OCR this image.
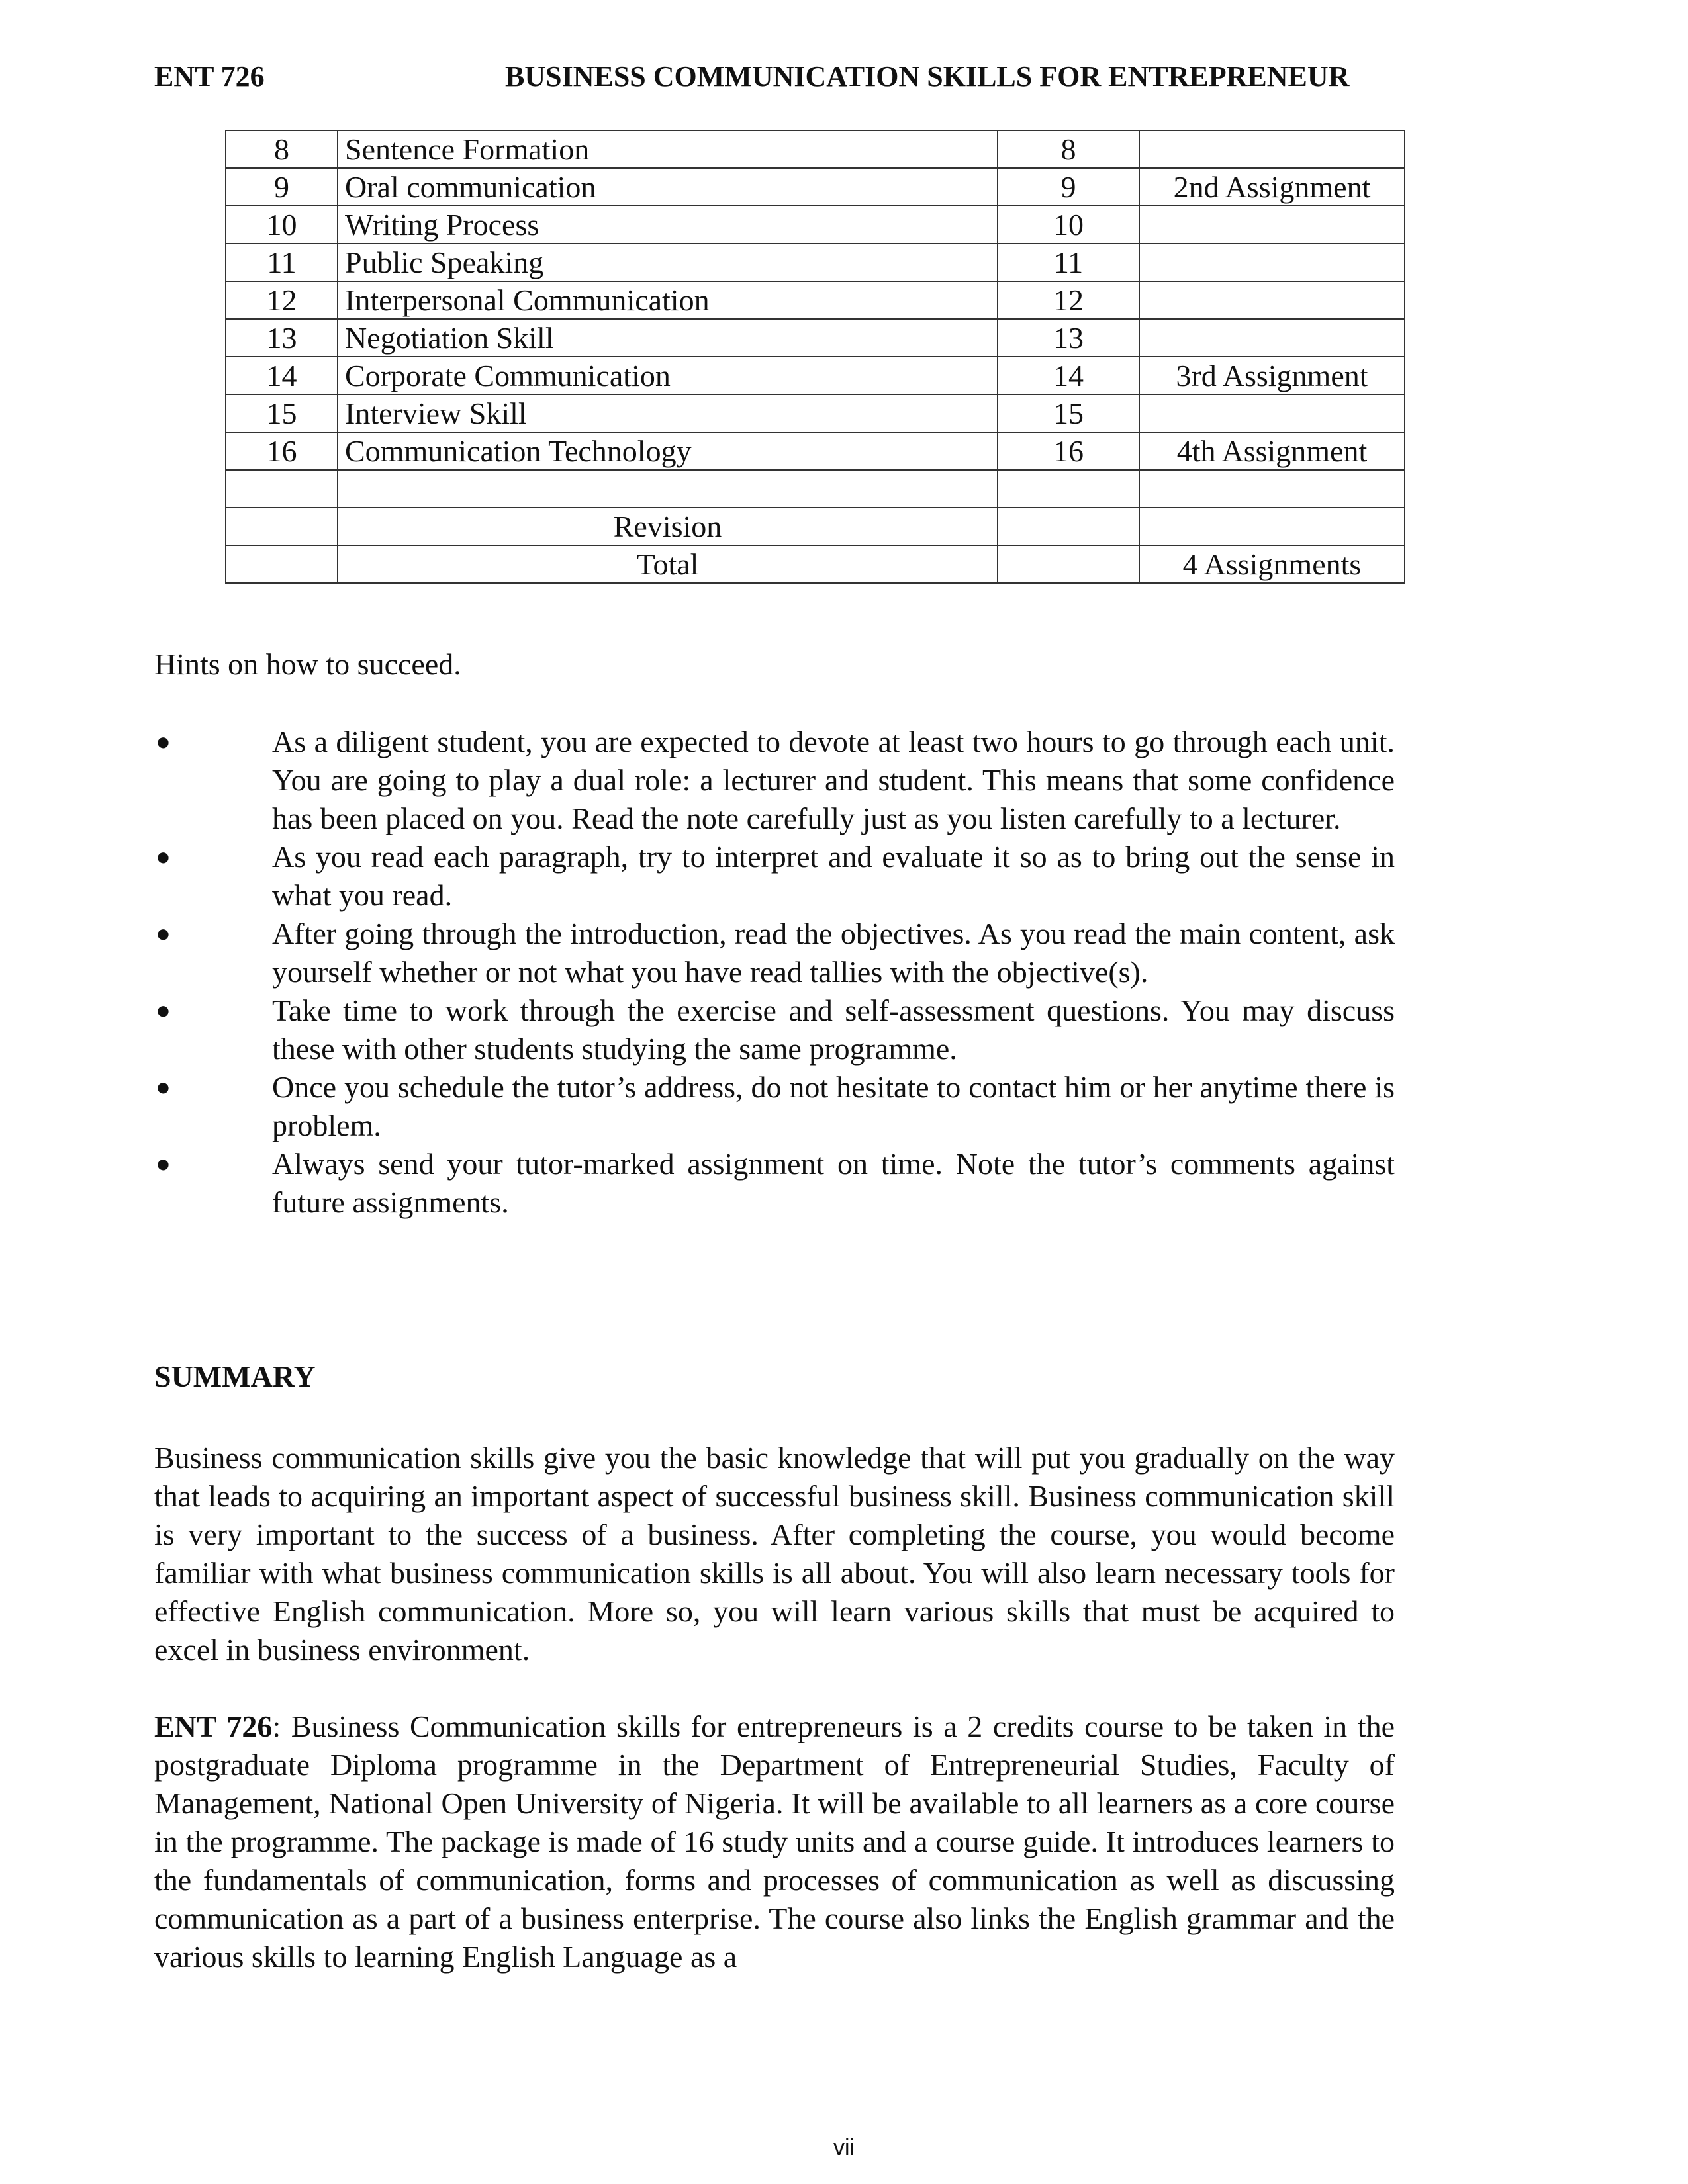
ENT 726	BUSINESS COMMUNICATION SKILLS FOR ENTREPRENEUR
8	Sentence Formation	8	
9	Oral communication	9	2nd Assignment
10	Writing Process	10	
11	Public Speaking	11	
12	Interpersonal Communication	12	
13	Negotiation Skill	13	
14	Corporate Communication	14	3rd Assignment
15	Interview Skill	15	
16	Communication Technology	16	4th Assignment

	Revision		
	Total		4 Assignments
Hints on how to succeed.
●	As a diligent student, you are expected to devote at least two hours to go through each unit. You are going to play a dual role: a lecturer and student. This means that some confidence has been placed on you. Read the note carefully just as you listen carefully to a lecturer.
●	As you read each paragraph, try to interpret and evaluate it so as to bring out the sense in what you read.
●	After going through the introduction, read the objectives. As you read the main content, ask yourself whether or not what you have read tallies with the objective(s).
●	Take time to work through the exercise and self-assessment questions. You may discuss these with other students studying the same programme.
●	Once you schedule the tutor’s address, do not hesitate to contact him or her anytime there is problem.
●	Always send your tutor-marked assignment on time. Note the tutor’s comments against future assignments.
SUMMARY

Business communication skills give you the basic knowledge that will put you gradually on the way that leads to acquiring an important aspect of successful business skill. Business communication skill is very important to the success of a business. After completing the course, you would become familiar with what business communication skills is all about. You will also learn necessary tools for effective English communication. More so, you will learn various skills that must be acquired to excel in business environment.

ENT 726: Business Communication skills for entrepreneurs is a 2 credits course to be taken in the postgraduate Diploma programme in the Department of Entrepreneurial Studies, Faculty of Management, National Open University of Nigeria. It will be available to all learners as a core course in the programme. The package is made of 16 study units and a course guide. It introduces learners to the fundamentals of communication, forms and processes of communication as well as discussing communication as a part of a business enterprise. The course also links the English grammar and the various skills to learning English Language as a

vii
